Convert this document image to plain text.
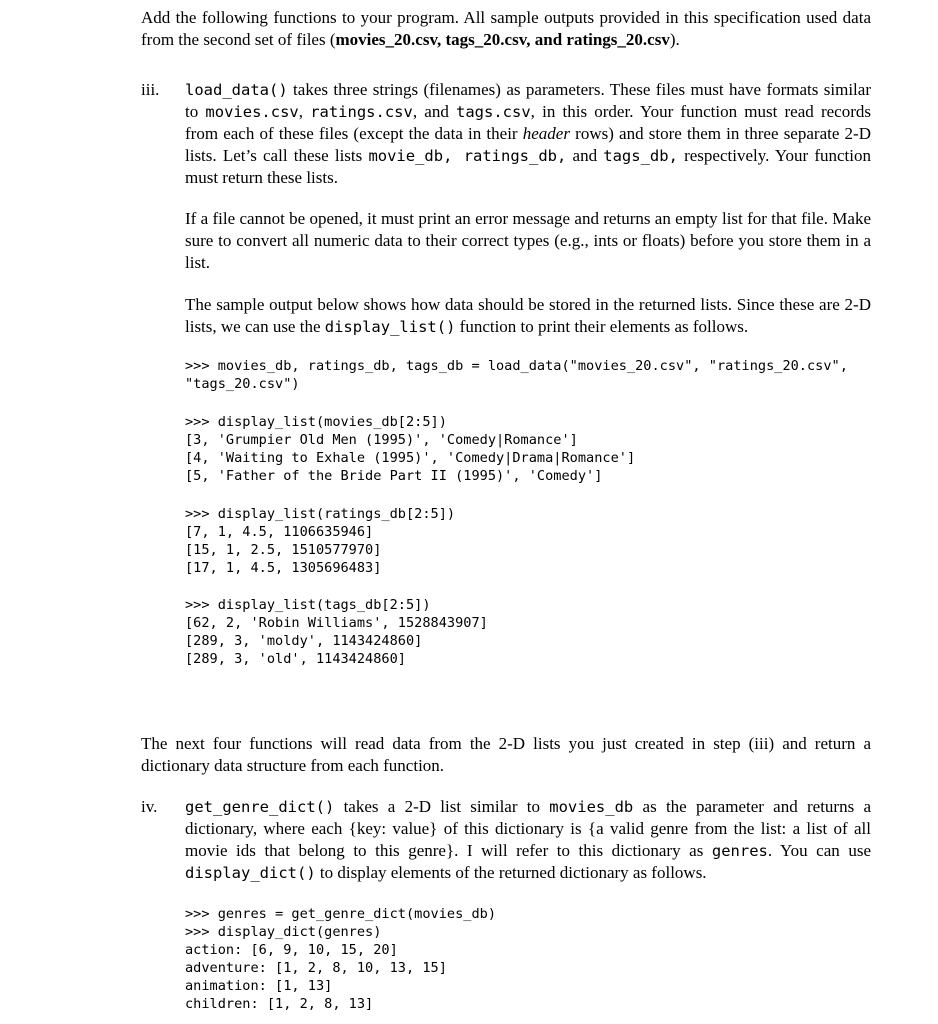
Add the following functions to your program. All sample outputs provided in this specification used data from the second set of files (movies_20.csv, tags_20.csv, and ratings_20.csv).

iii. load_data() takes three strings (filenames) as parameters. These files must have formats similar to movies.csv, ratings.csv, and tags.csv, in this order. Your function must read records from each of these files (except the data in their header rows) and store them in three separate 2-D lists. Let’s call these lists movie_db, ratings_db, and tags_db, respectively. Your function must return these lists.

If a file cannot be opened, it must print an error message and returns an empty list for that file. Make sure to convert all numeric data to their correct types (e.g., ints or floats) before you store them in a list.

The sample output below shows how data should be stored in the returned lists. Since these are 2-D lists, we can use the display_list() function to print their elements as follows.

>>> movies_db, ratings_db, tags_db = load_data("movies_20.csv", "ratings_20.csv",
"tags_20.csv")
>>> display_list(movies_db[2:5])
[3, 'Grumpier Old Men (1995)', 'Comedy|Romance']
[4, 'Waiting to Exhale (1995)', 'Comedy|Drama|Romance']
[5, 'Father of the Bride Part II (1995)', 'Comedy']
>>> display_list(ratings_db[2:5])
[7, 1, 4.5, 1106635946]
[15, 1, 2.5, 1510577970]
[17, 1, 4.5, 1305696483]
>>> display_list(tags_db[2:5])
[62, 2, 'Robin Williams', 1528843907]
[289, 3, 'moldy', 1143424860]
[289, 3, 'old', 1143424860]

The next four functions will read data from the 2-D lists you just created in step (iii) and return a dictionary data structure from each function.

iv. get_genre_dict() takes a 2-D list similar to movies_db as the parameter and returns a dictionary, where each {key: value} of this dictionary is {a valid genre from the list: a list of all movie ids that belong to this genre}. I will refer to this dictionary as genres. You can use display_dict() to display elements of the returned dictionary as follows.

>>> genres = get_genre_dict(movies_db)
>>> display_dict(genres)
action: [6, 9, 10, 15, 20]
adventure: [1, 2, 8, 10, 13, 15]
animation: [1, 13]
children: [1, 2, 8, 13]
